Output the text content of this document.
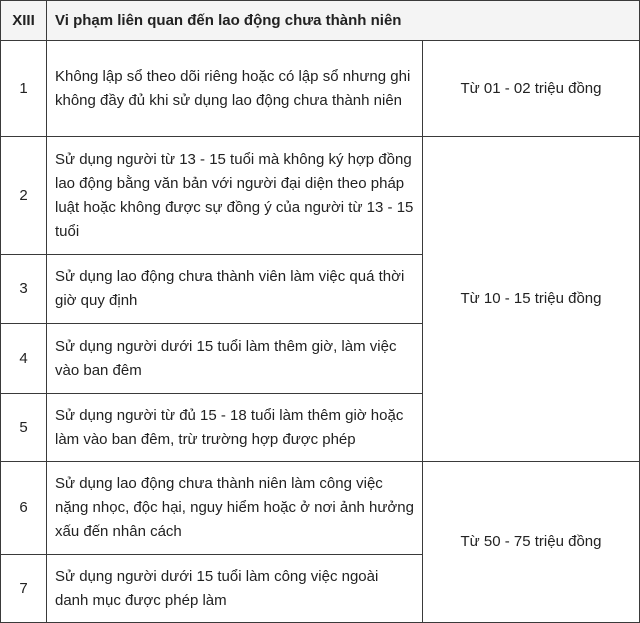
XIII	Vi phạm liên quan đến lao động chưa thành niên	
1	Không lập sổ theo dõi riêng hoặc có lập sổ nhưng ghi không đầy đủ khi sử dụng lao động chưa thành niên	Từ 01 - 02 triệu đồng
2	Sử dụng người từ 13 - 15 tuổi mà không ký hợp đồng lao động bằng văn bản với người đại diện theo pháp luật hoặc không được sự đồng ý của người từ 13 - 15 tuổi	Từ 10 - 15 triệu đồng
3	Sử dụng lao động chưa thành viên làm việc quá thời giờ quy định	
4	Sử dụng người dưới 15 tuổi làm thêm giờ, làm việc vào ban đêm	
5	Sử dụng người từ đủ 15 - 18 tuổi làm thêm giờ hoặc làm vào ban đêm, trừ trường hợp được phép	
6	Sử dụng lao động chưa thành niên làm công việc nặng nhọc, độc hại, nguy hiểm hoặc ở nơi ảnh hưởng xấu đến nhân cách	Từ 50 - 75 triệu đồng
7	Sử dụng người dưới 15 tuổi làm công việc ngoài danh mục được phép làm	
